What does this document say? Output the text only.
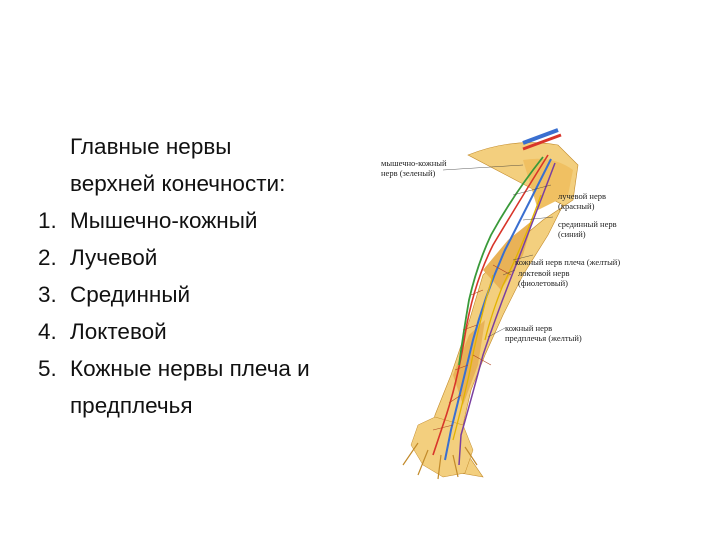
Главные нервы
верхней конечности:
1. Мышечно-кожный
2. Лучевой
3. Срединный
4. Локтевой
5. Кожные нервы плеча и предплечья
мышечно-кожный
нерв (зеленый)
лучевой нерв
(красный)
срединный нерв
(синий)
кожный нерв плеча (желтый)
локтевой нерв
(фиолетовый)
кожный нерв
предплечья (желтый)
